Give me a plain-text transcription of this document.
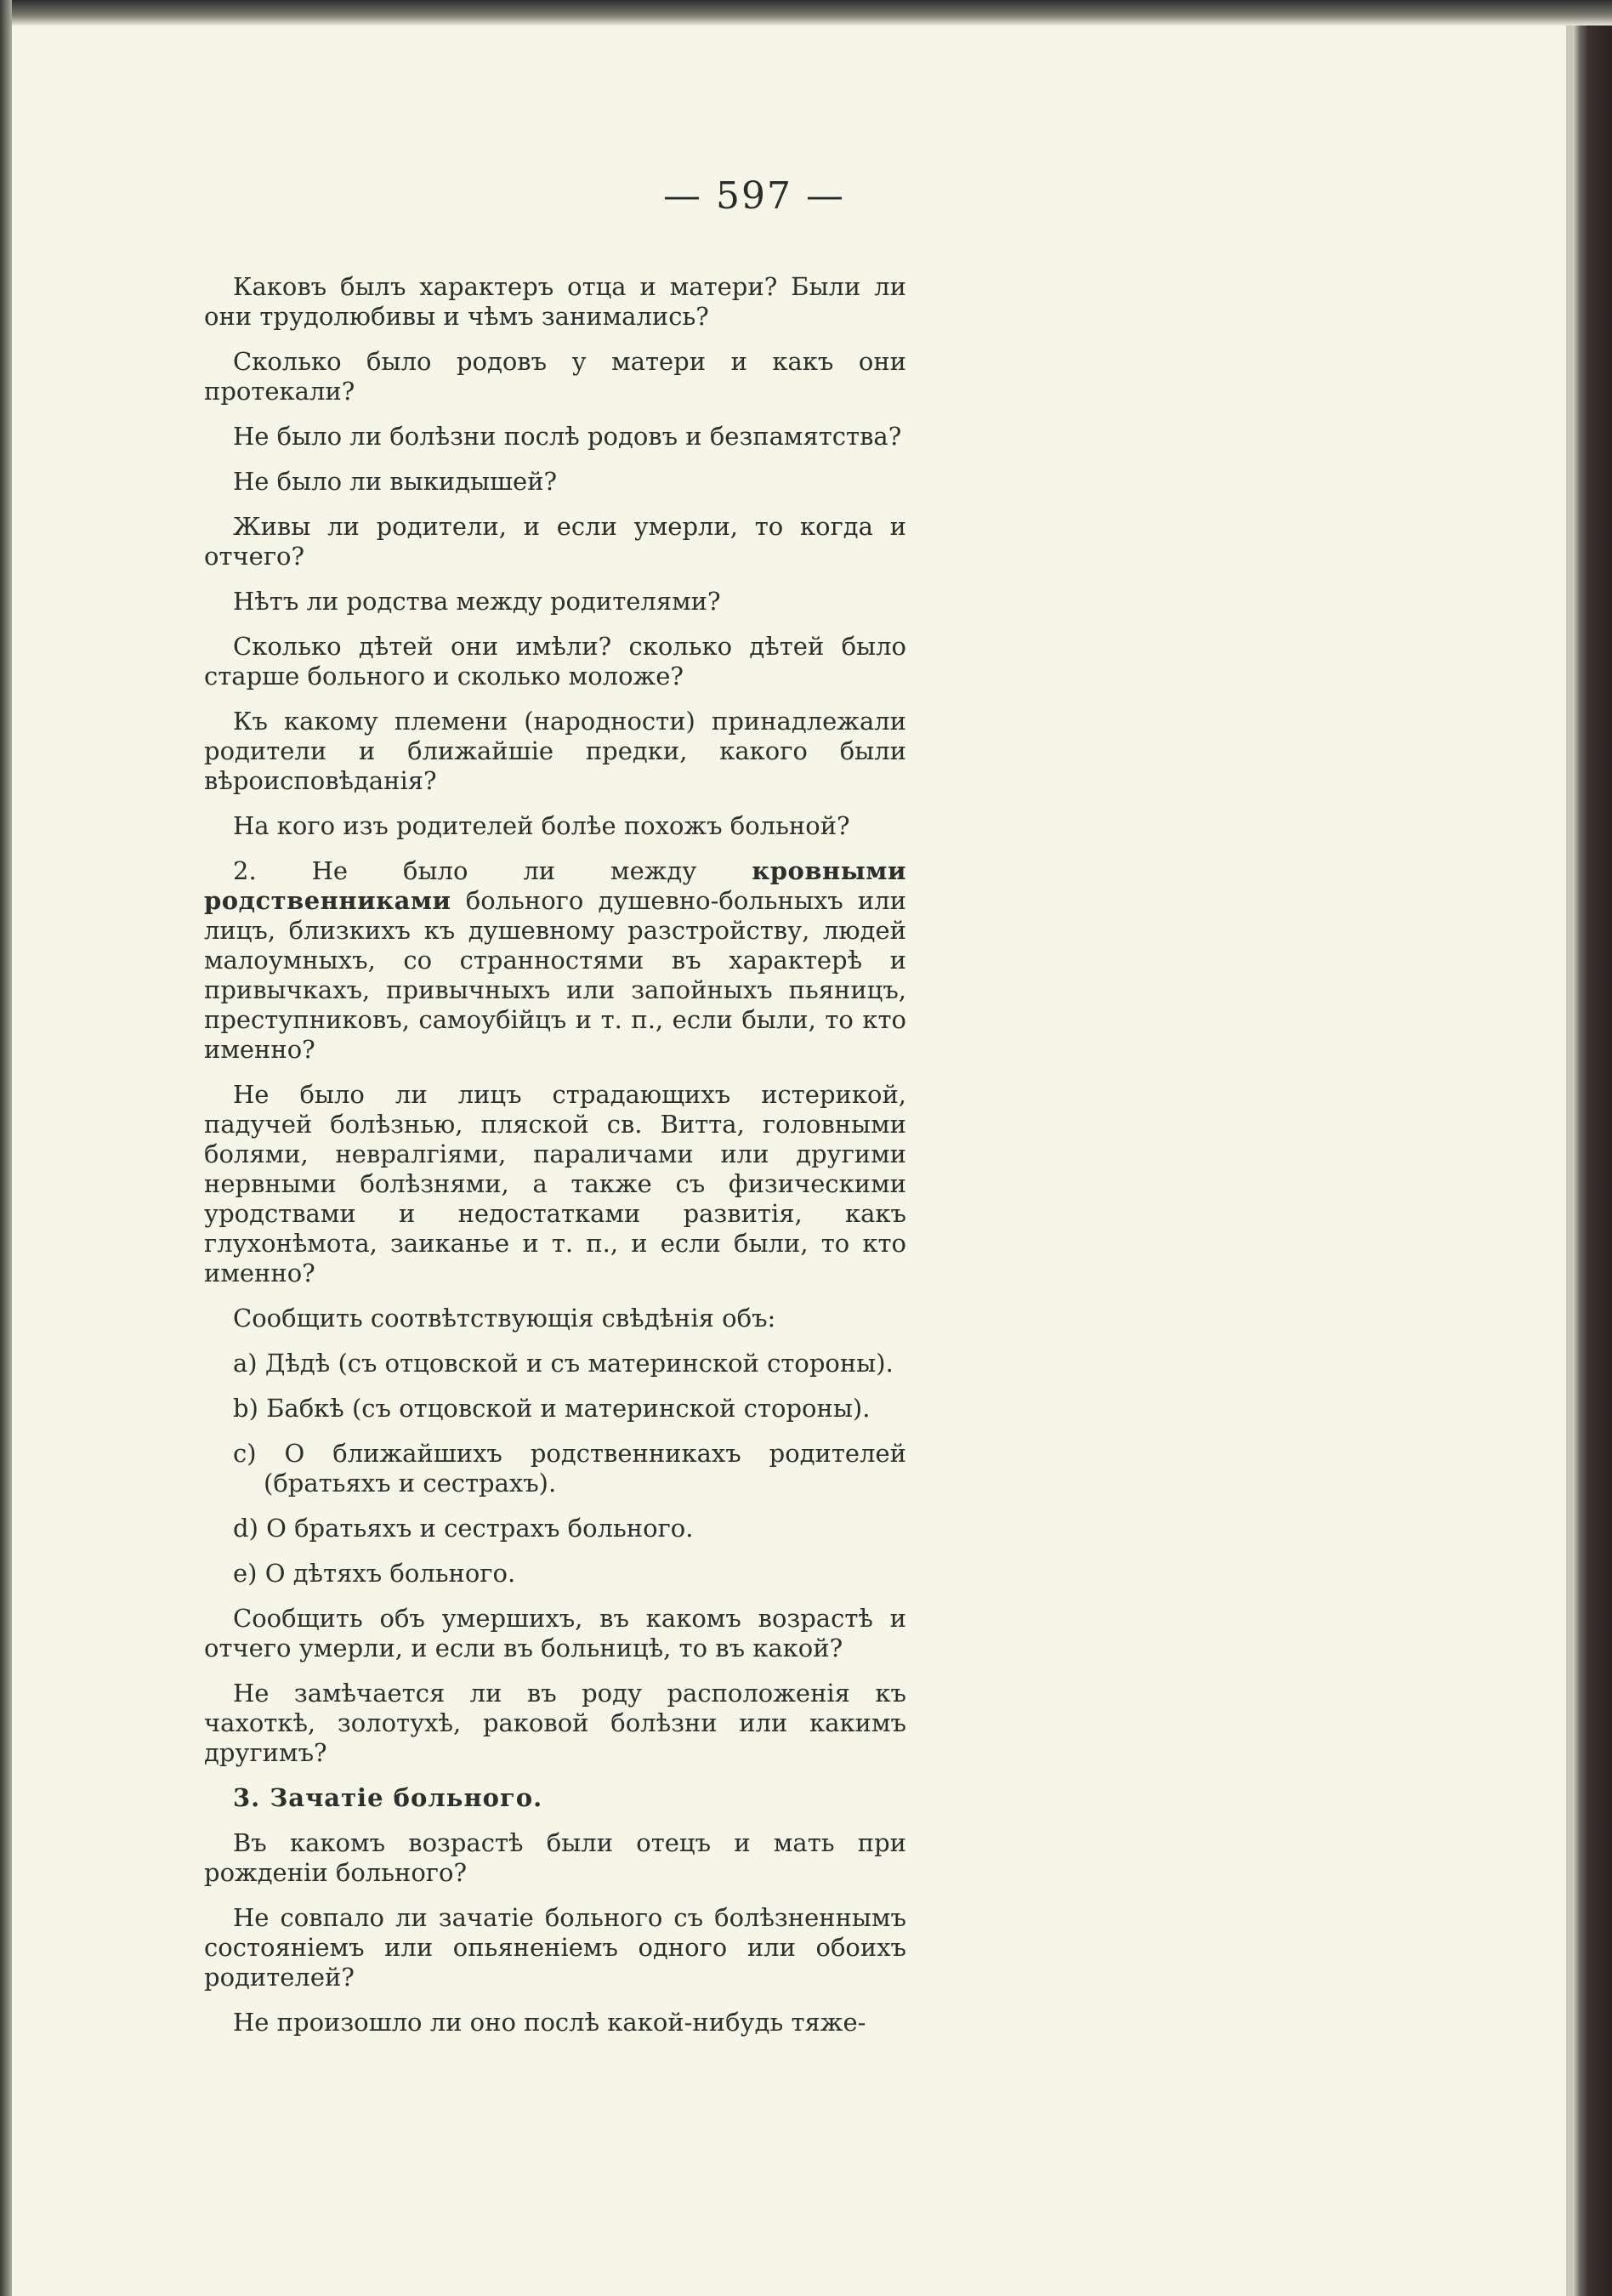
— 597 —

Каковъ былъ характеръ отца и матери? Были ли они трудолюбивы и чѣмъ занимались?

Сколько было родовъ у матери и какъ они протекали?

Не было ли болѣзни послѣ родовъ и безпамятства?

Не было ли выкидышей?

Живы ли родители, и если умерли, то когда и отчего?

Нѣтъ ли родства между родителями?

Сколько дѣтей они имѣли? сколько дѣтей было старше больного и сколько моложе?

Къ какому племени (народности) принадлежали родители и ближайшіе предки, какого были вѣроисповѣданія?

На кого изъ родителей болѣе похожъ больной?

2. Не было ли между кровными родственниками больного душевно-больныхъ или лицъ, близкихъ къ душевному разстройству, людей малоумныхъ, со странностями въ характерѣ и привычкахъ, привычныхъ или запойныхъ пьяницъ, преступниковъ, самоубійцъ и т. п., если были, то кто именно?

Не было ли лицъ страдающихъ истерикой, падучей болѣзнью, пляской св. Витта, головными болями, невралгіями, параличами или другими нервными болѣзнями, а также съ физическими уродствами и недостатками развитія, какъ глухонѣмота, заиканье и т. п., и если были, то кто именно?

Сообщить соотвѣтствующія свѣдѣнія объ:

a) Дѣдѣ (съ отцовской и съ материнской стороны).

b) Бабкѣ (съ отцовской и материнской стороны).

c) О ближайшихъ родственникахъ родителей (братьяхъ и сестрахъ).

d) О братьяхъ и сестрахъ больного.

e) О дѣтяхъ больного.

Сообщить объ умершихъ, въ какомъ возрастѣ и отчего умерли, и если въ больницѣ, то въ какой?

Не замѣчается ли въ роду расположенія къ чахоткѣ, золотухѣ, раковой болѣзни или какимъ другимъ?

3. Зачатіе больного.

Въ какомъ возрастѣ были отецъ и мать при рожденіи больного?

Не совпало ли зачатіе больного съ болѣзненнымъ состояніемъ или опьяненіемъ одного или обоихъ родителей?

Не произошло ли оно послѣ какой-нибудь тяже-
